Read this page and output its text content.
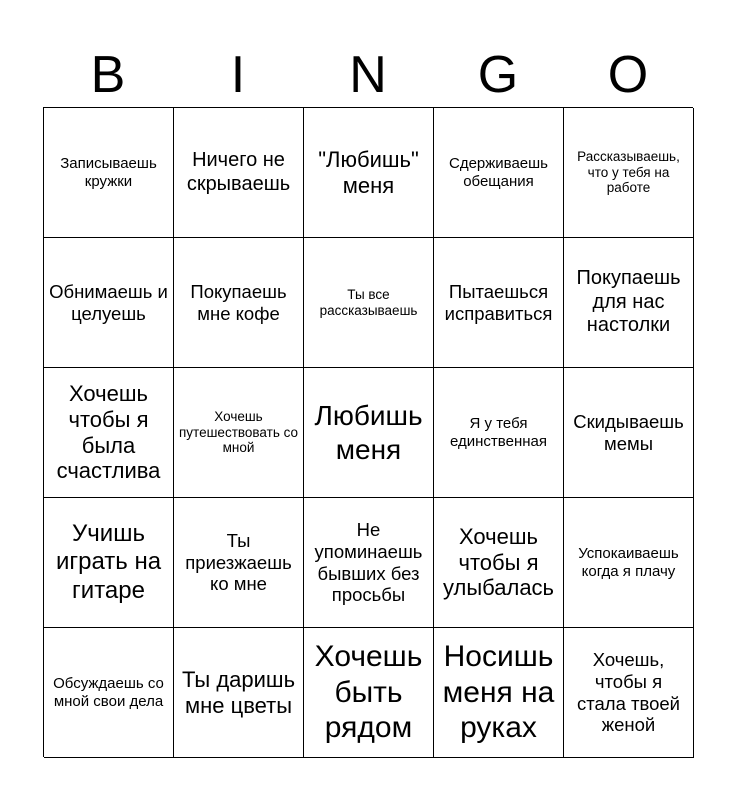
B	I	N	G	O
Записываешь кружки
Ничего не скрываешь
"Любишь" меня
Сдерживаешь обещания
Рассказываешь, что у тебя на работе
Обнимаешь и целуешь
Покупаешь мне кофе
Ты все рассказываешь
Пытаешься исправиться
Покупаешь для нас настолки
Хочешь чтобы я была счастлива
Хочешь путешествовать со мной
Любишь меня
Я у тебя единственная
Скидываешь мемы
Учишь играть на гитаре
Ты приезжаешь ко мне
Не упоминаешь бывших без просьбы
Хочешь чтобы я улыбалась
Успокаиваешь когда я плачу
Обсуждаешь со мной свои дела
Ты даришь мне цветы
Хочешь быть рядом
Носишь меня на руках
Хочешь, чтобы я стала твоей женой
